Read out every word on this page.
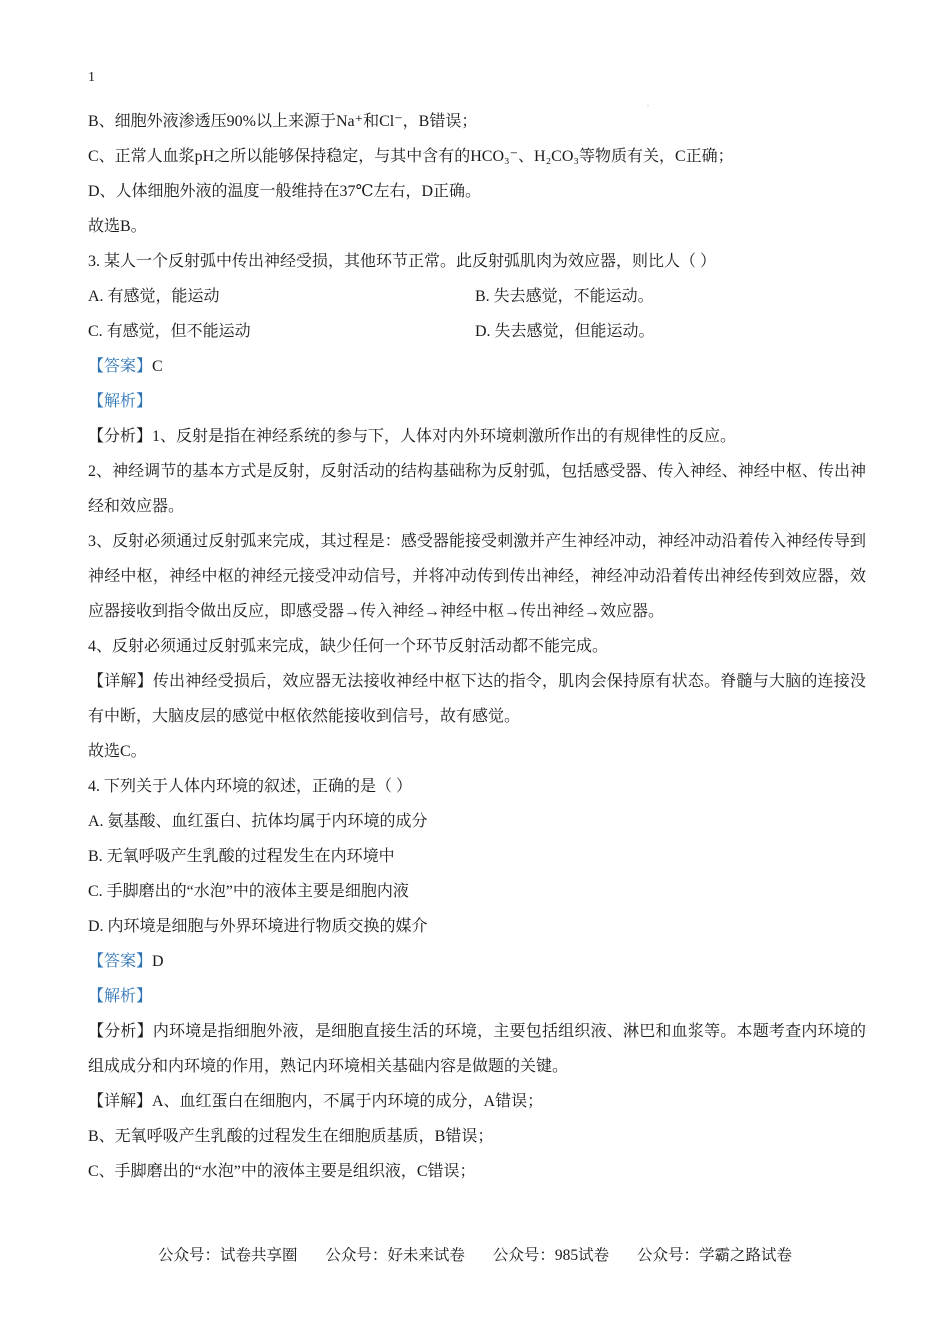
1
.
B、细胞外液渗透压90%以上来源于Na⁺和Cl⁻，B错误；
C、正常人血浆pH之所以能够保持稳定，与其中含有的HCO₃⁻、H₂CO₃等物质有关，C正确；
D、人体细胞外液的温度一般维持在37℃左右，D正确。
故选B。
3. 某人一个反射弧中传出神经受损，其他环节正常。此反射弧肌肉为效应器，则比人（ ）
A. 有感觉，能运动	B. 失去感觉，不能运动。
C. 有感觉，但不能运动	D. 失去感觉，但能运动。
【答案】C
【解析】
【分析】1、反射是指在神经系统的参与下，人体对内外环境刺激所作出的有规律性的反应。
2、神经调节的基本方式是反射，反射活动的结构基础称为反射弧，包括感受器、传入神经、神经中枢、传出神经和效应器。
3、反射必须通过反射弧来完成，其过程是：感受器能接受刺激并产生神经冲动，神经冲动沿着传入神经传导到神经中枢，神经中枢的神经元接受冲动信号，并将冲动传到传出神经，神经冲动沿着传出神经传到效应器，效应器接收到指令做出反应，即感受器→传入神经→神经中枢→传出神经→效应器。
4、反射必须通过反射弧来完成，缺少任何一个环节反射活动都不能完成。
【详解】传出神经受损后，效应器无法接收神经中枢下达的指令，肌肉会保持原有状态。脊髓与大脑的连接没有中断，大脑皮层的感觉中枢依然能接收到信号，故有感觉。
故选C。
4. 下列关于人体内环境的叙述，正确的是（ ）
A. 氨基酸、血红蛋白、抗体均属于内环境的成分
B. 无氧呼吸产生乳酸的过程发生在内环境中
C. 手脚磨出的“水泡”中的液体主要是细胞内液
D. 内环境是细胞与外界环境进行物质交换的媒介
【答案】D
【解析】
【分析】内环境是指细胞外液，是细胞直接生活的环境，主要包括组织液、淋巴和血浆等。本题考查内环境的组成成分和内环境的作用，熟记内环境相关基础内容是做题的关键。
【详解】A、血红蛋白在细胞内，不属于内环境的成分，A错误；
B、无氧呼吸产生乳酸的过程发生在细胞质基质，B错误；
C、手脚磨出的“水泡”中的液体主要是组织液，C错误；
公众号：试卷共享圈 公众号：好未来试卷 公众号：985试卷 公众号：学霸之路试卷
